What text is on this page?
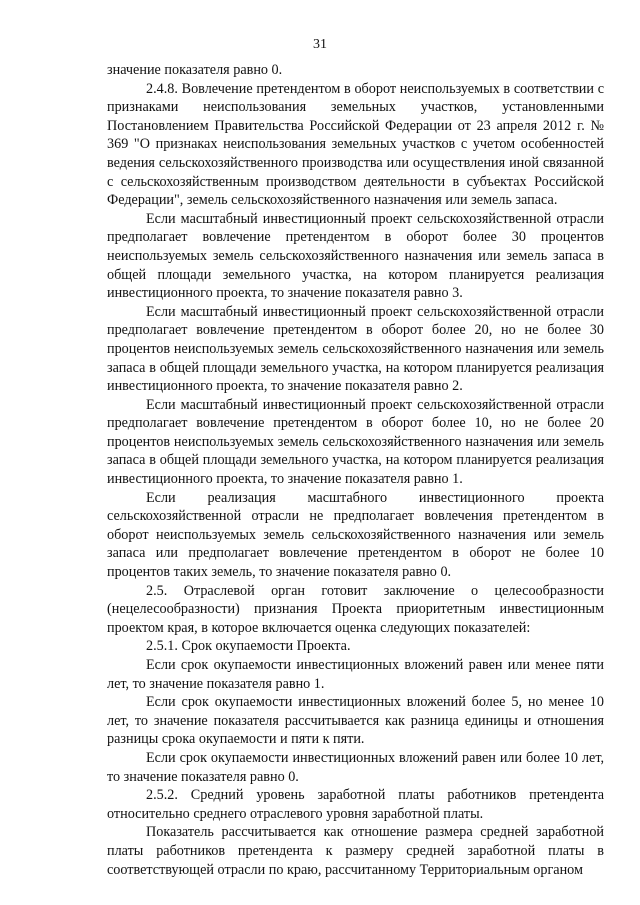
31

значение показателя равно 0.

2.4.8. Вовлечение претендентом в оборот неиспользуемых в соответствии с признаками неиспользования земельных участков, установленными Постановлением Правительства Российской Федерации от 23 апреля 2012 г. № 369 "О признаках неиспользования земельных участков с учетом особенностей ведения сельскохозяйственного производства или осуществления иной связанной с сельскохозяйственным производством деятельности в субъектах Российской Федерации", земель сельскохозяйственного назначения или земель запаса.

Если масштабный инвестиционный проект сельскохозяйственной отрасли предполагает вовлечение претендентом в оборот более 30 процентов неиспользуемых земель сельскохозяйственного назначения или земель запаса в общей площади земельного участка, на котором планируется реализация инвестиционного проекта, то значение показателя равно 3.

Если масштабный инвестиционный проект сельскохозяйственной отрасли предполагает вовлечение претендентом в оборот более 20, но не более 30 процентов неиспользуемых земель сельскохозяйственного назначения или земель запаса в общей площади земельного участка, на котором планируется реализация инвестиционного проекта, то значение показателя равно 2.

Если масштабный инвестиционный проект сельскохозяйственной отрасли предполагает вовлечение претендентом в оборот более 10, но не более 20 процентов неиспользуемых земель сельскохозяйственного назначения или земель запаса в общей площади земельного участка, на котором планируется реализация инвестиционного проекта, то значение показателя равно 1.

Если реализация масштабного инвестиционного проекта сельскохозяйственной отрасли не предполагает вовлечения претендентом в оборот неиспользуемых земель сельскохозяйственного назначения или земель запаса или предполагает вовлечение претендентом в оборот не более 10 процентов таких земель, то значение показателя равно 0.

2.5. Отраслевой орган готовит заключение о целесообразности (нецелесообразности) признания Проекта приоритетным инвестиционным проектом края, в которое включается оценка следующих показателей:

2.5.1. Срок окупаемости Проекта.

Если срок окупаемости инвестиционных вложений равен или менее пяти лет, то значение показателя равно 1.

Если срок окупаемости инвестиционных вложений более 5, но менее 10 лет, то значение показателя рассчитывается как разница единицы и отношения разницы срока окупаемости и пяти к пяти.

Если срок окупаемости инвестиционных вложений равен или более 10 лет, то значение показателя равно 0.

2.5.2. Средний уровень заработной платы работников претендента относительно среднего отраслевого уровня заработной платы.

Показатель рассчитывается как отношение размера средней заработной платы работников претендента к размеру средней заработной платы в соответствующей отрасли по краю, рассчитанному Территориальным органом
